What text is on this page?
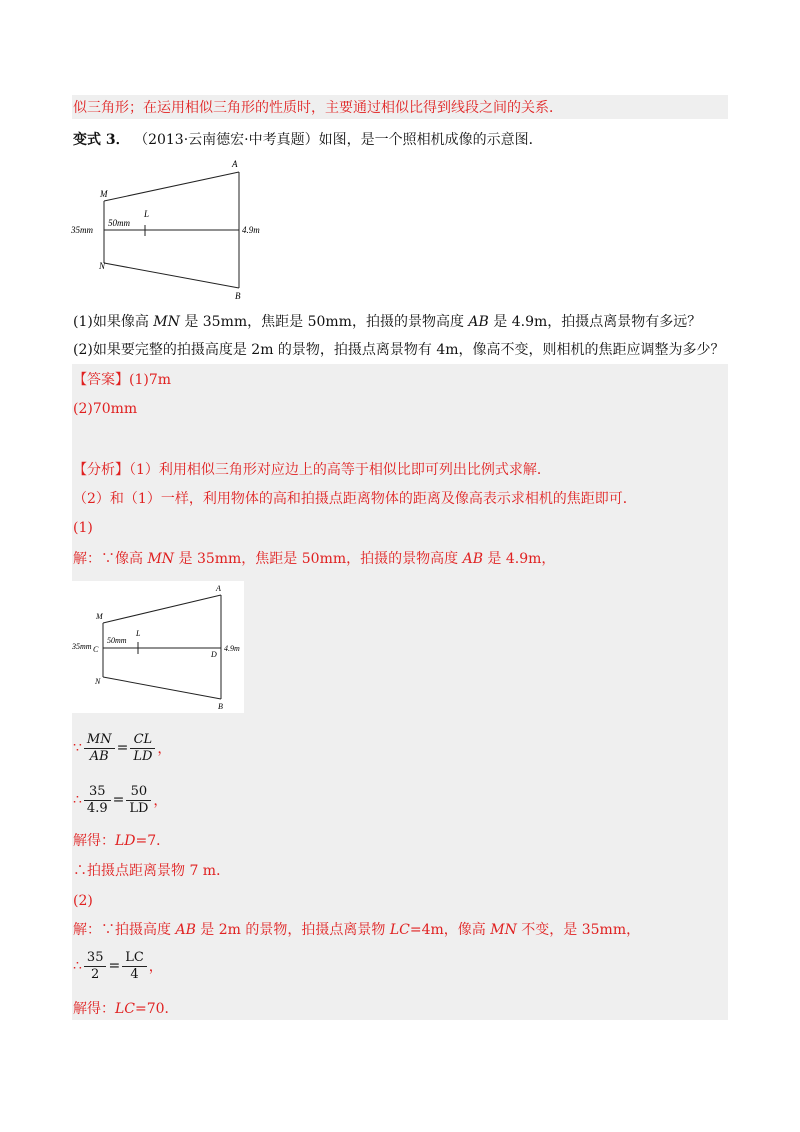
似三角形；在运用相似三角形的性质时，主要通过相似比得到线段之间的关系．
变式 3． （2013·云南德宏·中考真题）如图，是一个照相机成像的示意图．
A
B
M
N
L
35mm
50mm
4.9m
(1)如果像高 MN 是 35mm，焦距是 50mm，拍摄的景物高度 AB 是 4.9m，拍摄点离景物有多远？
(2)如果要完整的拍摄高度是 2m 的景物，拍摄点离景物有 4m，像高不变，则相机的焦距应调整为多少？
【答案】(1)7m
(2)70mm
【分析】（1）利用相似三角形对应边上的高等于相似比即可列出比例式求解．
（2）和（1）一样，利用物体的高和拍摄点距离物体的距离及像高表示求相机的焦距即可．
(1)
解：∵像高 MN 是 35mm，焦距是 50mm，拍摄的景物高度 AB 是 4.9m，
A
B
M
N
L
C
D
35mm
50mm
4.9m
∵ $\frac{MN}{AB} = \frac{CL}{LD}$ ，
∴ $\frac{35}{4.9} = \frac{50}{LD}$ ，
解得：LD=7．
∴拍摄点距离景物 7 m．
(2)
解：∵拍摄高度 AB 是 2m 的景物，拍摄点离景物 LC=4m，像高 MN 不变，是 35mm，
∴ $\frac{35}{2} = \frac{LC}{4}$ ，
解得：LC=70．
